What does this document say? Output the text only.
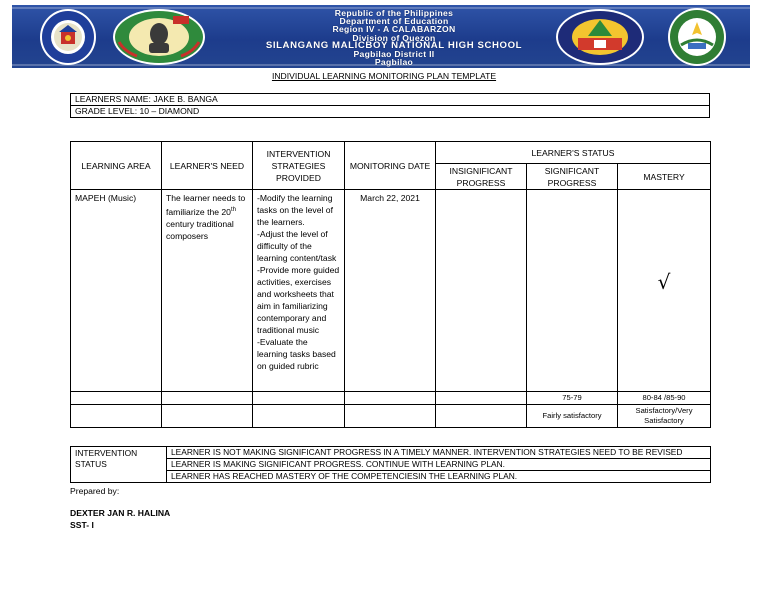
Republic of the Philippines
Department of Education
Region IV - A CALABARZON
Division of Quezon
SILANGANG MALICBOY NATIONAL HIGH SCHOOL
Pagbilao District II
Pagbilao
INDIVIDUAL LEARNING MONITORING PLAN TEMPLATE
LEARNERS NAME: JAKE B. BANGA
GRADE LEVEL: 10 – DIAMOND
LEARNING AREA	LEARNER'S NEED	INTERVENTION STRATEGIES PROVIDED	MONITORING DATE	LEARNER'S STATUS		
				INSIGNIFICANT PROGRESS	SIGNIFICANT PROGRESS	MASTERY
MAPEH (Music)	The learner needs to familiarize the 20th century traditional composers	-Modify the learning tasks on the level of the learners.
-Adjust the level of difficulty of the learning content/task
-Provide more guided activities, exercises and worksheets that aim in familiarizing contemporary and traditional music
-Evaluate the learning tasks based on guided rubric	March 22, 2021			√

					75-79	80-84 /85-90
					Fairly satisfactory	Satisfactory/Very Satisfactory
INTERVENTION STATUS	LEARNER IS NOT MAKING SIGNIFICANT PROGRESS IN A TIMELY MANNER. INTERVENTION STRATEGIES NEED TO BE REVISED
LEARNER IS MAKING SIGNIFICANT PROGRESS. CONTINUE WITH LEARNING PLAN.
LEARNER HAS REACHED MASTERY OF THE COMPETENCIESIN THE LEARNING PLAN.
Prepared by:
DEXTER JAN R. HALINA
SST- I
